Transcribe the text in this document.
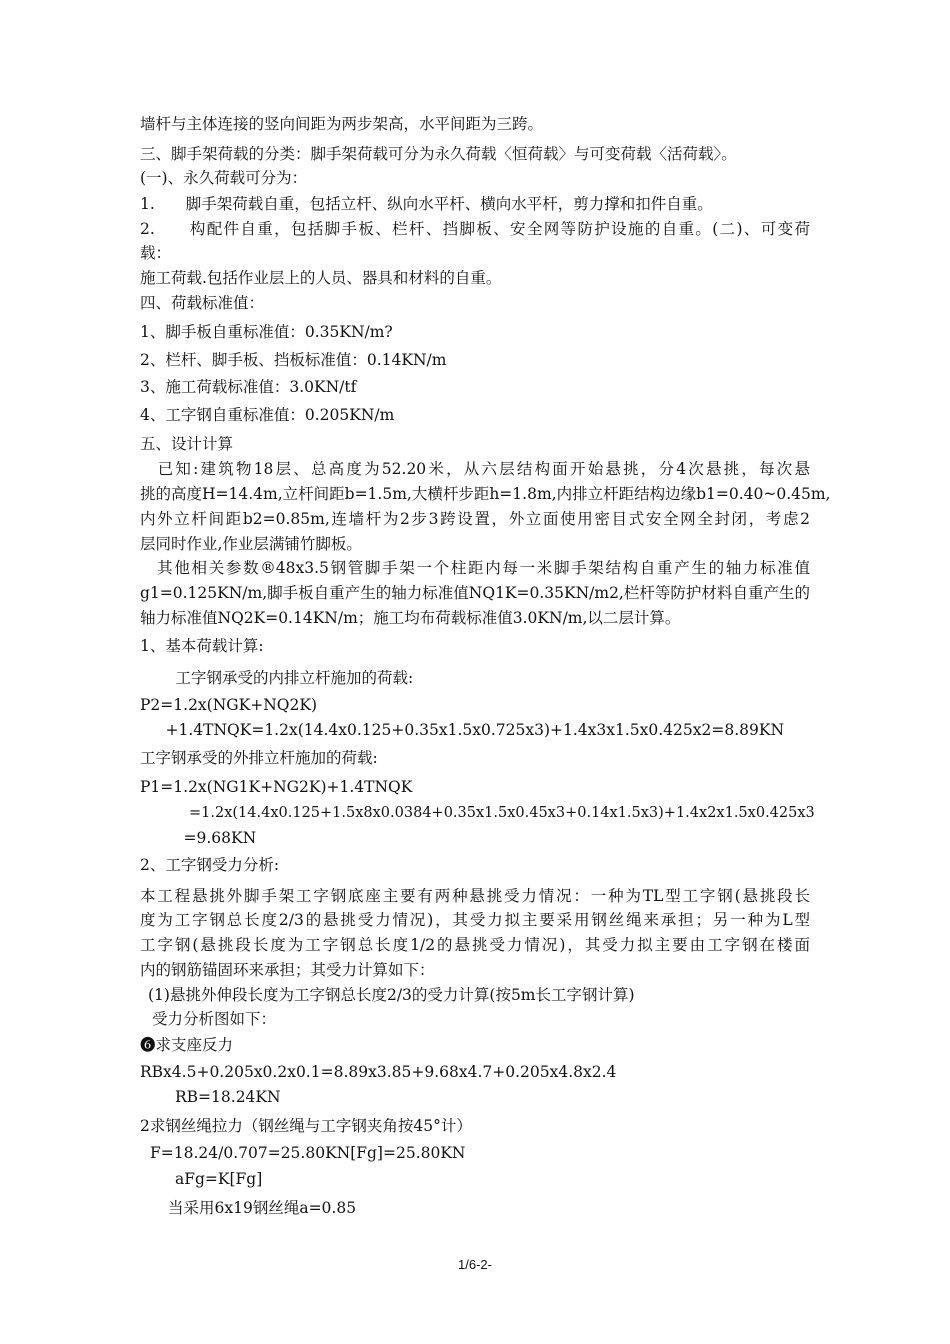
墙杆与主体连接的竖向间距为两步架高，水平间距为三跨。
三、脚手架荷载的分类：脚手架荷载可分为永久荷载〈恒荷载〉与可变荷载〈活荷载〉。
(一)、永久荷载可分为：
1.　　脚手架荷载自重，包括立杆、纵向水平杆、横向水平杆，剪力撑和扣件自重。
2.　　构配件自重，包括脚手板、栏杆、挡脚板、安全网等防护设施的自重。(二)、可变荷
载：
施工荷载.包括作业层上的人员、器具和材料的自重。
四、荷载标准值：
1、脚手板自重标准值：0.35KN/m?
2、栏杆、脚手板、挡板标准值：0.14KN/m
3、施工荷载标准值：3.0KN/tf
4、工字钢自重标准值：0.205KN/m
五、设计计算
　已知:建筑物18层、总高度为52.20米，从六层结构面开始悬挑，分4次悬挑，每次悬
挑的高度H=14.4m,立杆间距b=1.5m,大横杆步距h=1.8m,内排立杆距结构边缘b1=0.40~0.45m,
内外立杆间距b2=0.85m,连墙杆为2步3跨设置，外立面使用密目式安全网全封闭，考虑2
层同时作业,作业层满铺竹脚板。
　其他相关参数®48x3.5钢管脚手架一个柱距内每一米脚手架结构自重产生的轴力标准值
g1=0.125KN/m,脚手板自重产生的轴力标准值NQ1K=0.35KN/m2,栏杆等防护材料自重产生的
轴力标准值NQ2K=0.14KN/m；施工均布荷载标准值3.0KN/m,以二层计算。
1、基本荷载计算:
　工字钢承受的内排立杆施加的荷载:
P2=1.2x(NGK+NQ2K)
　+1.4TNQK=1.2x(14.4x0.125+0.35x1.5x0.725x3)+1.4x3x1.5x0.425x2=8.89KN
工字钢承受的外排立杆施加的荷载:
P1=1.2x(NG1K+NG2K)+1.4TNQK
　　=1.2x(14.4x0.125+1.5x8x0.0384+0.35x1.5x0.45x3+0.14x1.5x3)+1.4x2x1.5x0.425x3
　=9.68KN
2、工字钢受力分析:
本工程悬挑外脚手架工字钢底座主要有两种悬挑受力情况：一种为TL型工字钢(悬挑段长
度为工字钢总长度2/3的悬挑受力情况)，其受力拟主要采用钢丝绳来承担；另一种为L型
工字钢(悬挑段长度为工字钢总长度1/2的悬挑受力情况)，其受力拟主要由工字钢在楼面
内的钢筋锚固环来承担；其受力计算如下：
(1)悬挑外伸段长度为工字钢总长度2/3的受力计算(按5m长工字钢计算)
受力分析图如下：
❻求支座反力
RBx4.5+0.205x0.2x0.1=8.89x3.85+9.68x4.7+0.205x4.8x2.4
RB=18.24KN
2求钢丝绳拉力（钢丝绳与工字钢夹角按45°计）
F=18.24/0.707=25.80KN[Fg]=25.80KN
aFg=K[Fg]
当采用6x19钢丝绳a=0.85
1/6-2-
